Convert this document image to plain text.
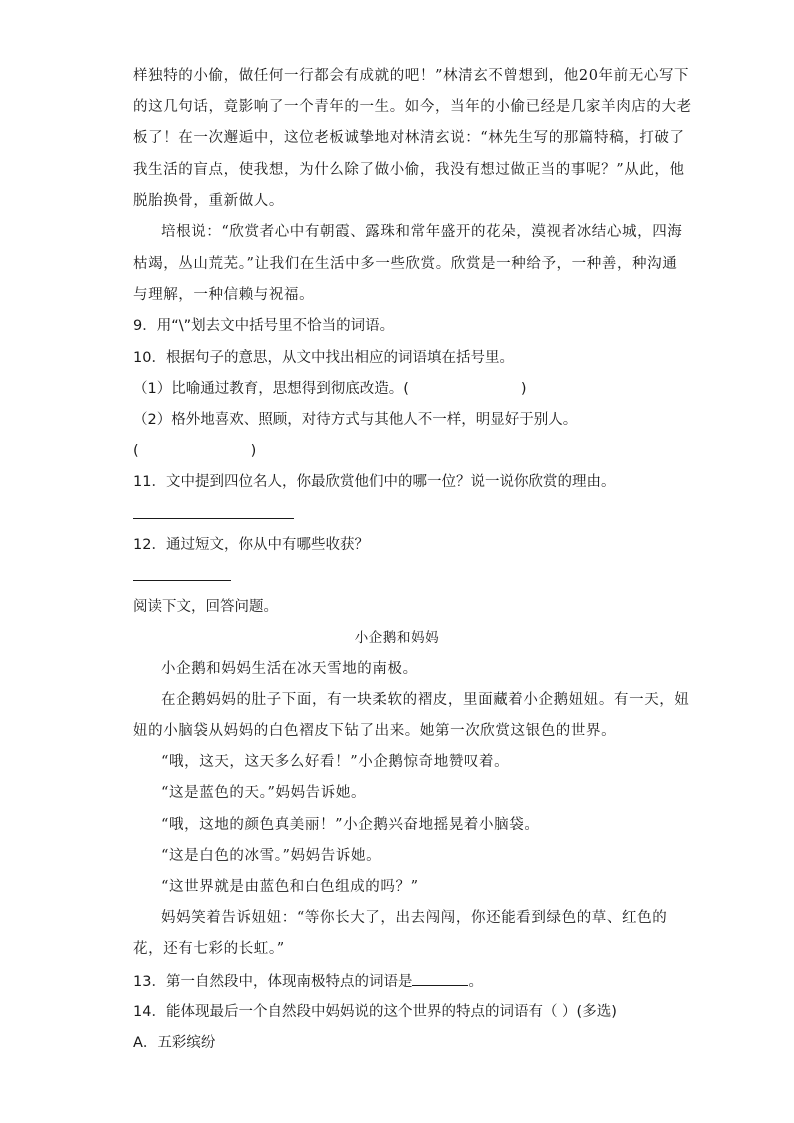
样独特的小偷，做任何一行都会有成就的吧！”林清玄不曾想到，他20年前无心写下
的这几句话，竟影响了一个青年的一生。如今，当年的小偷已经是几家羊肉店的大老
板了！在一次邂逅中，这位老板诚挚地对林清玄说：“林先生写的那篇特稿，打破了
我生活的盲点，使我想，为什么除了做小偷，我没有想过做正当的事呢？”从此，他
脱胎换骨，重新做人。
培根说：“欣赏者心中有朝霞、露珠和常年盛开的花朵，漠视者冰结心城，四海
枯竭，丛山荒芜。”让我们在生活中多一些欣赏。欣赏是一种给予，一种善，种沟通
与理解，一种信赖与祝福。
9．用“\”划去文中括号里不恰当的词语。
10．根据句子的意思，从文中找出相应的词语填在括号里。
（1）比喻通过教育，思想得到彻底改造。(	)
（2）格外地喜欢、照顾，对待方式与其他人不一样，明显好于别人。
(	)
11．文中提到四位名人，你最欣赏他们中的哪一位？说一说你欣赏的理由。
12．通过短文，你从中有哪些收获？
阅读下文，回答问题。
小企鹅和妈妈
小企鹅和妈妈生活在冰天雪地的南极。
在企鹅妈妈的肚子下面，有一块柔软的褶皮，里面藏着小企鹅妞妞。有一天，妞
妞的小脑袋从妈妈的白色褶皮下钻了出来。她第一次欣赏这银色的世界。
“哦，这天，这天多么好看！”小企鹅惊奇地赞叹着。
“这是蓝色的天。”妈妈告诉她。
“哦，这地的颜色真美丽！”小企鹅兴奋地摇晃着小脑袋。
“这是白色的冰雪。”妈妈告诉她。
“这世界就是由蓝色和白色组成的吗？”
妈妈笑着告诉妞妞：“等你长大了，出去闯闯，你还能看到绿色的草、红色的
花，还有七彩的长虹。”
13．第一自然段中，体现南极特点的词语是	。
14．能体现最后一个自然段中妈妈说的这个世界的特点的词语有（ ）(多选)
A．五彩缤纷
